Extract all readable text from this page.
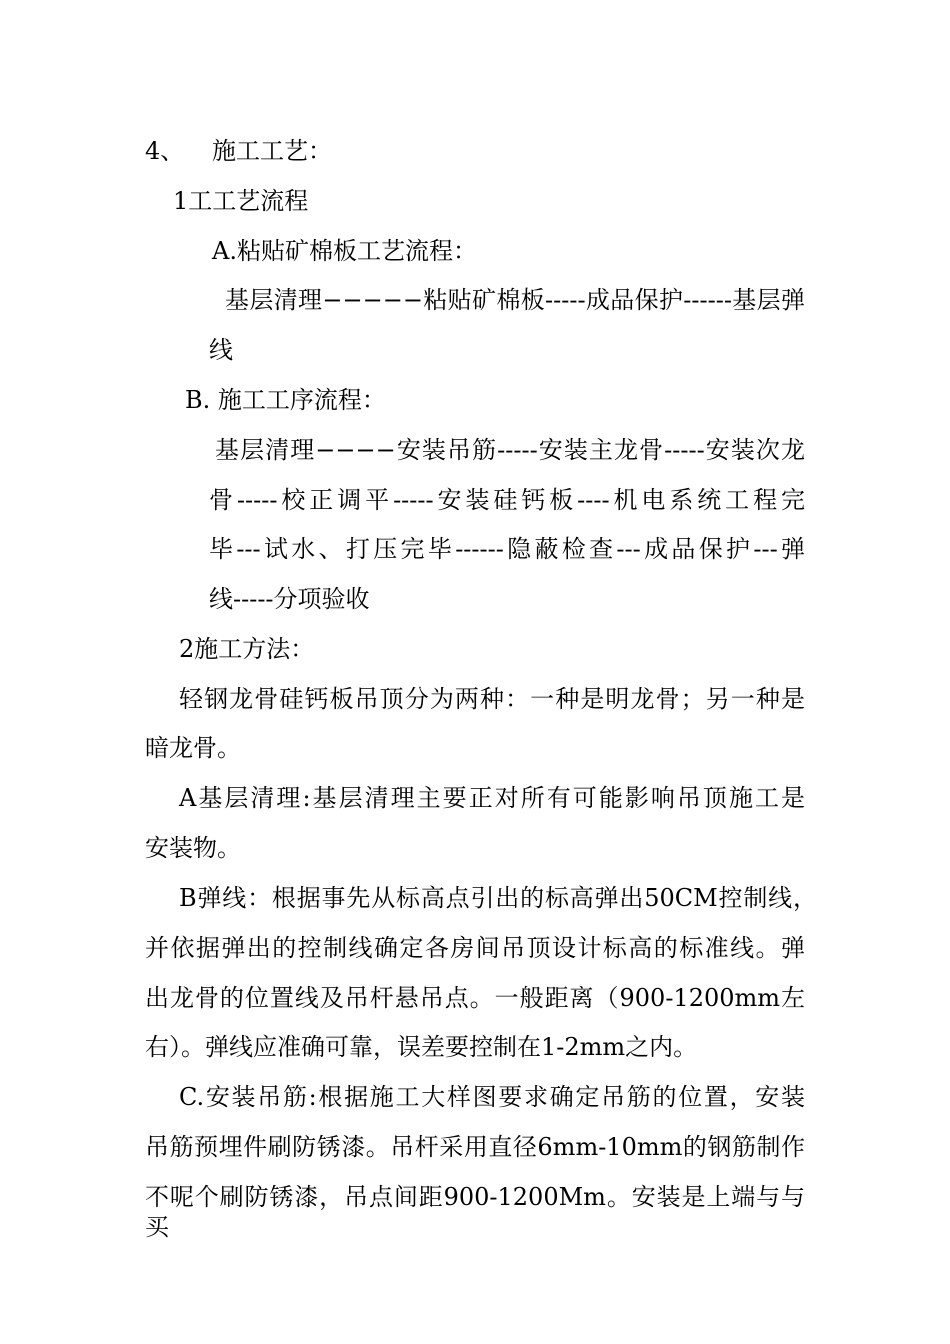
4、 施工工艺：

1工工艺流程

A.粘贴矿棉板工艺流程：

基层清理−−−−−粘贴矿棉板-----成品保护------基层弹

线

B. 施工工序流程：

基层清理−−−−安装吊筋-----安装主龙骨-----安装次龙

骨-----校正调平-----安装硅钙板----机电系统工程完

毕---试水、打压完毕------隐蔽检查---成品保护---弹

线-----分项验收

2施工方法：

轻钢龙骨硅钙板吊顶分为两种：一种是明龙骨；另一种是

暗龙骨。

A基层清理:基层清理主要正对所有可能影响吊顶施工是

安装物。

B弹线：根据事先从标高点引出的标高弹出50CM控制线，

并依据弹出的控制线确定各房间吊顶设计标高的标准线。弹

出龙骨的位置线及吊杆悬吊点。一般距离（900-1200mm左

右）。弹线应准确可靠，误差要控制在1-2mm之内。

C.安装吊筋:根据施工大样图要求确定吊筋的位置，安装

吊筋预埋件刷防锈漆。吊杆采用直径6mm-10mm的钢筋制作

不呢个刷防锈漆，吊点间距900-1200Mm。安装是上端与与买
